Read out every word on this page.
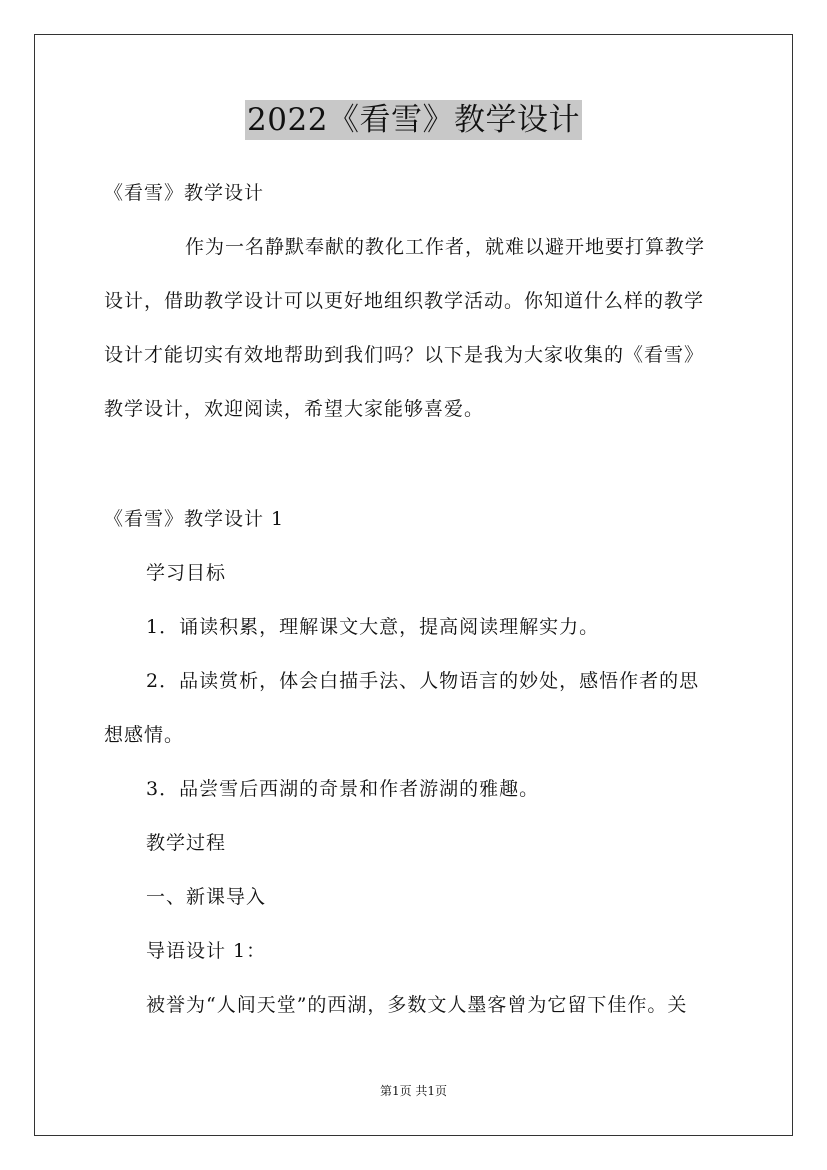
2022《看雪》教学设计
《看雪》教学设计
作为一名静默奉献的教化工作者，就难以避开地要打算教学
设计，借助教学设计可以更好地组织教学活动。你知道什么样的教学
设计才能切实有效地帮助到我们吗？以下是我为大家收集的《看雪》
教学设计，欢迎阅读，希望大家能够喜爱。
《看雪》教学设计 1
学习目标
1．诵读积累，理解课文大意，提高阅读理解实力。
2．品读赏析，体会白描手法、人物语言的妙处，感悟作者的思
想感情。
3．品尝雪后西湖的奇景和作者游湖的雅趣。
教学过程
一、新课导入
导语设计 1：
被誉为“人间天堂”的西湖，多数文人墨客曾为它留下佳作。关
第1页 共1页
